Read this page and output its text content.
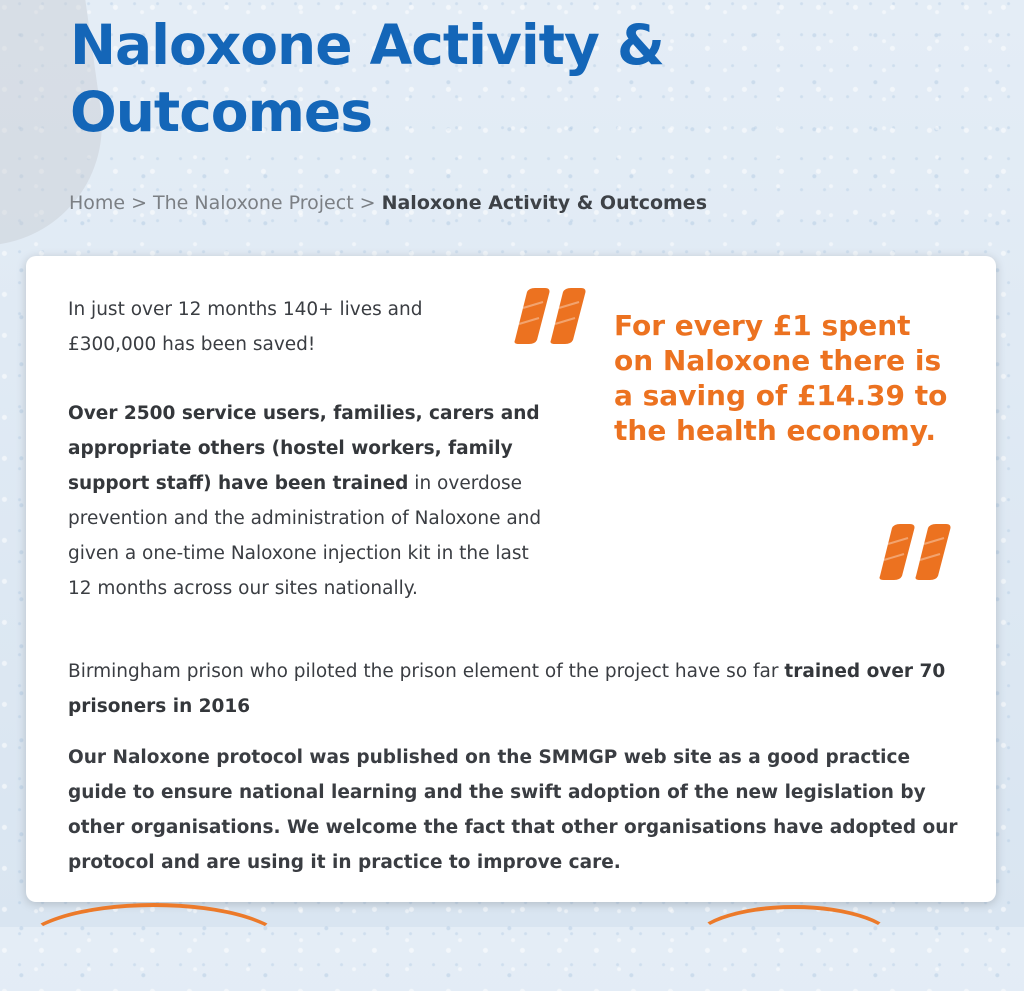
Naloxone Activity & Outcomes
Home > The Naloxone Project > Naloxone Activity & Outcomes

In just over 12 months 140+ lives and £300,000 has been saved!

Over 2500 service users, families, carers and appropriate others (hostel workers, family support staff) have been trained in overdose prevention and the administration of Naloxone and given a one-time Naloxone injection kit in the last 12 months across our sites nationally.

For every £1 spent on Naloxone there is a saving of £14.39 to the health economy.

Birmingham prison who piloted the prison element of the project have so far trained over 70 prisoners in 2016

Our Naloxone protocol was published on the SMMGP web site as a good practice guide to ensure national learning and the swift adoption of the new legislation by other organisations. We welcome the fact that other organisations have adopted our protocol and are using it in practice to improve care.
